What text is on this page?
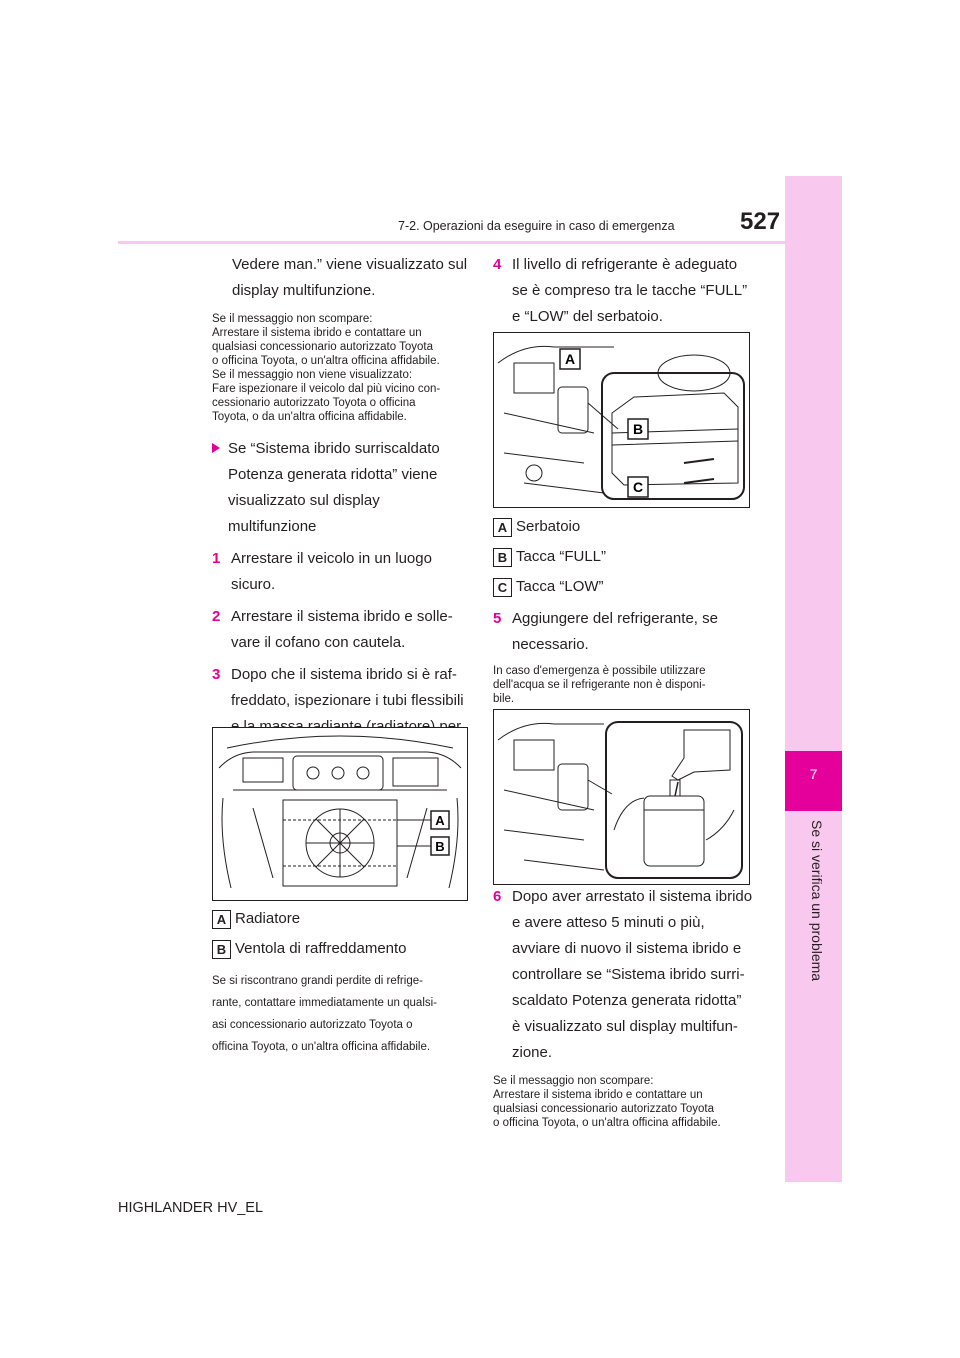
7
Se si verifica un problema
7-2. Operazioni da eseguire in caso di emergenza	527

Vedere man.” viene visualizzato sul

display multifunzione.

Se il messaggio non scompare:
Arrestare il sistema ibrido e contattare un
qualsiasi concessionario autorizzato Toyota
o officina Toyota, o un'altra officina affidabile.
Se il messaggio non viene visualizzato:
Fare ispezionare il veicolo dal più vicino con-
cessionario autorizzato Toyota o officina
Toyota, o da un'altra officina affidabile.
Se “Sistema ibrido surriscaldato
Potenza generata ridotta” viene
visualizzato sul display multifunzione
1 Arrestare il veicolo in un luogo
sicuro.
2 Arrestare il sistema ibrido e solle-
vare il cofano con cautela.
3 Dopo che il sistema ibrido si è raf-
freddato, ispezionare i tubi flessibili
A
B
A Radiatore
B Ventola di raffreddamento
Se si riscontrano grandi perdite di refrige-
rante, contattare immediatamente un qualsi-
asi concessionario autorizzato Toyota o
officina Toyota, o un'altra officina affidabile.
4 Il livello di refrigerante è adeguato
se è compreso tra le tacche “FULL”
e “LOW” del serbatoio.
A
B
C
A Serbatoio
B Tacca “FULL”
C Tacca “LOW”
5 Aggiungere del refrigerante, se
necessario.
In caso d'emergenza è possibile utilizzare
dell'acqua se il refrigerante non è disponi-
bile.
6 Dopo aver arrestato il sistema ibrido
e avere atteso 5 minuti o più,
avviare di nuovo il sistema ibrido e
controllare se “Sistema ibrido surri-
scaldato Potenza generata ridotta”
è visualizzato sul display multifun-
zione.
Se il messaggio non scompare:
Arrestare il sistema ibrido e contattare un
qualsiasi concessionario autorizzato Toyota
o officina Toyota, o un'altra officina affidabile.
HIGHLANDER HV_EL
